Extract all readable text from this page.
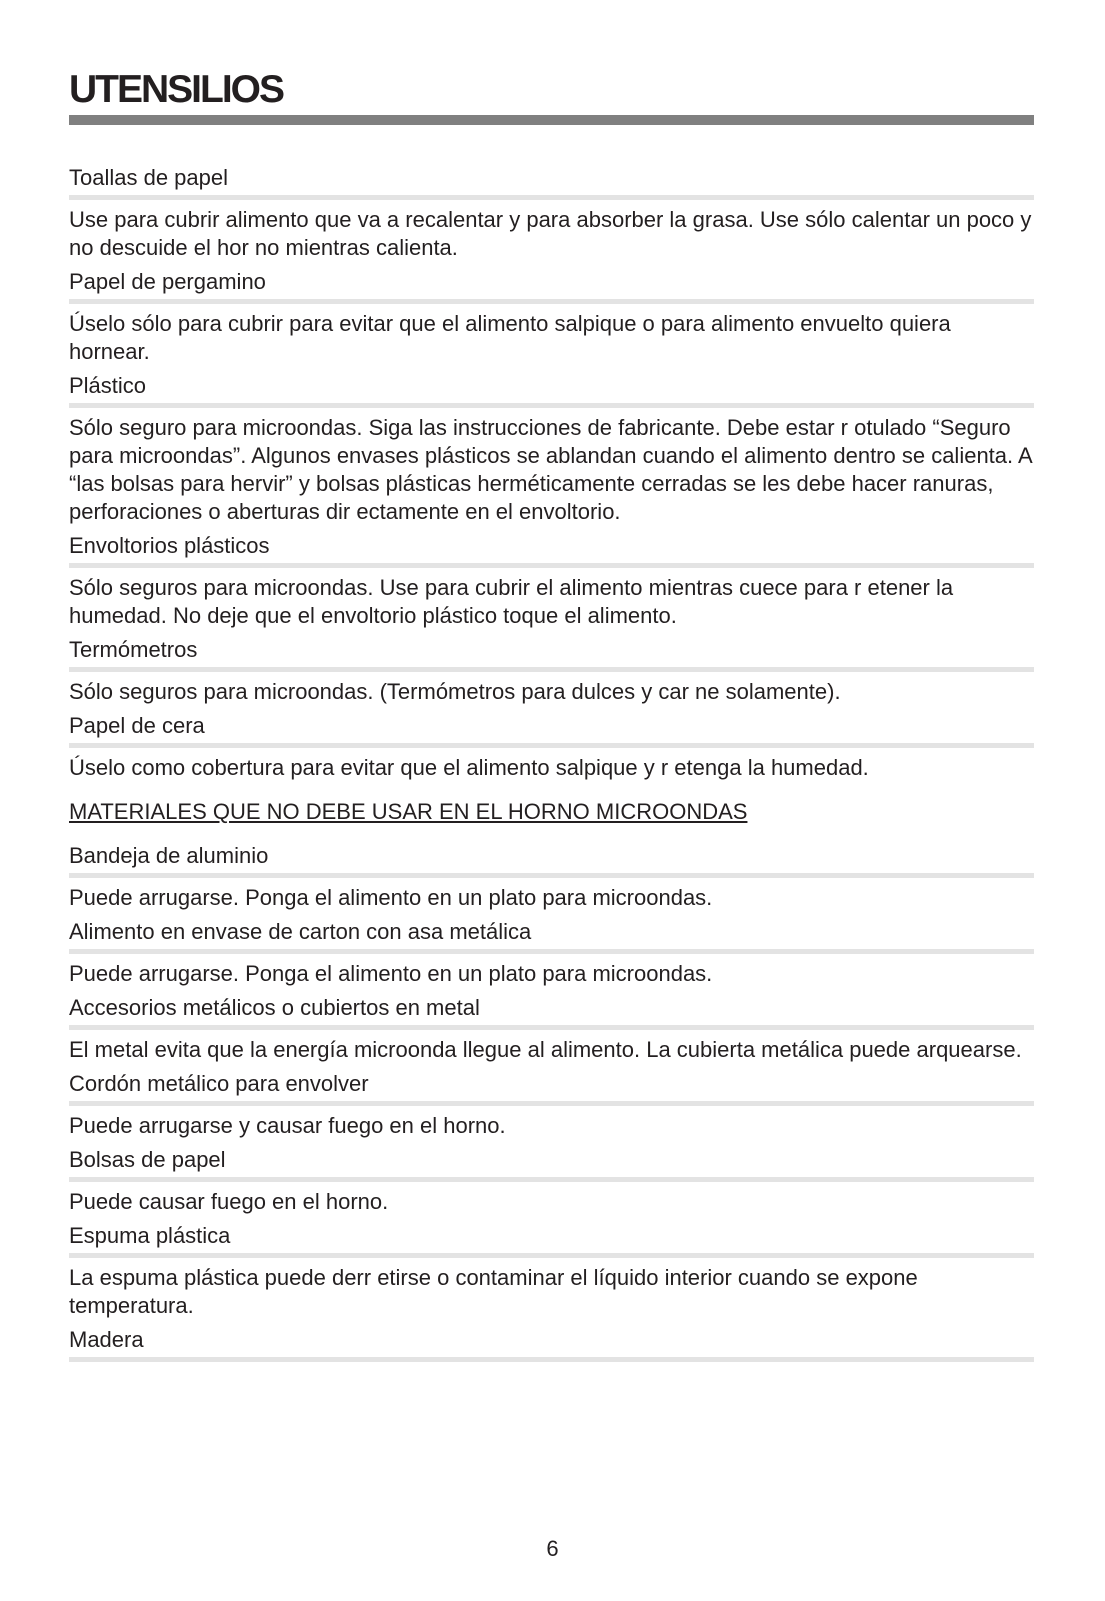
UTENSILIOS
Toallas de papel
Use para cubrir alimento que va a recalentar y para absorber la grasa. Use sólo calentar un poco y no descuide el hor no mientras calienta.
Papel de pergamino
Úselo sólo para cubrir para evitar que el alimento salpique o para alimento envuelto quiera hornear.
Plástico
Sólo seguro para microondas. Siga las instrucciones de fabricante. Debe estar r otulado “Seguro para microondas”. Algunos envases plásticos se ablandan cuando el alimento dentro se calienta. A “las bolsas para hervir” y bolsas plásticas herméticamente cerradas se les debe hacer ranuras, perforaciones o aberturas dir ectamente en el envoltorio.
Envoltorios plásticos
Sólo seguros para microondas. Use para cubrir el alimento mientras cuece para r etener la humedad. No deje que el envoltorio plástico toque el alimento.
Termómetros
Sólo seguros para microondas. (Termómetros para dulces y car ne solamente).
Papel de cera
Úselo como cobertura para evitar que el alimento salpique y r etenga la humedad.
MATERIALES QUE NO DEBE USAR EN EL HORNO MICROONDAS
Bandeja de aluminio
Puede arrugarse. Ponga el alimento en un plato para microondas.
Alimento en envase de carton con asa metálica
Puede arrugarse. Ponga el alimento en un plato para microondas.
Accesorios metálicos o cubiertos en metal
El metal evita que la energía microonda llegue al alimento. La cubierta metálica puede arquearse.
Cordón metálico para envolver
Puede arrugarse y causar fuego en el horno.
Bolsas de papel
Puede causar fuego en el horno.
Espuma plástica
La espuma plástica puede derr etirse o contaminar el líquido interior cuando se expone temperatura.
Madera
6
